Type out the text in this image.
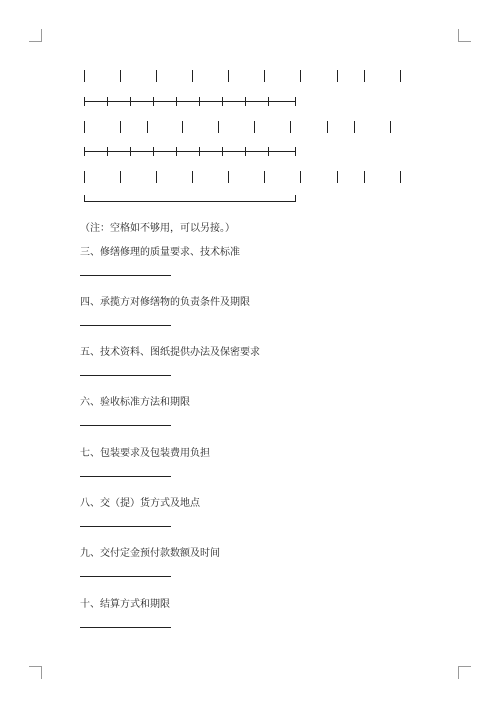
（注：空格如不够用，可以另接。）
三、修缮修理的质量要求、技术标准
四、承揽方对修缮物的负责条件及期限
五、技术资料、图纸提供办法及保密要求
六、验收标准方法和期限
七、包装要求及包装费用负担
八、交（提）货方式及地点
九、交付定金预付款数额及时间
十、结算方式和期限
